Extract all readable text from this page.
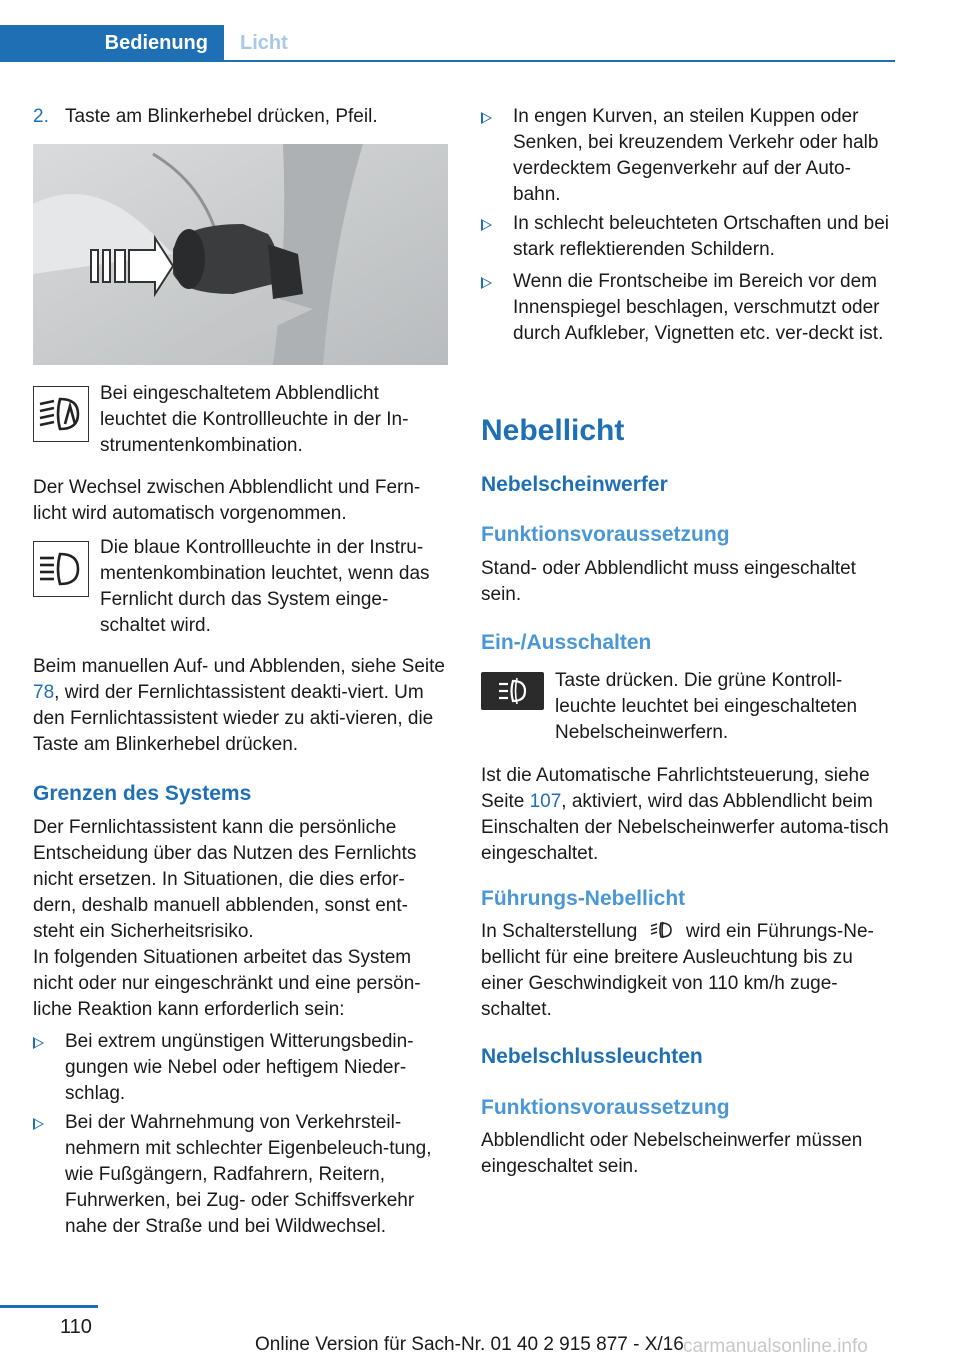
Bedienung	Licht
2. Taste am Blinkerhebel drücken, Pfeil.

Bei eingeschaltetem Abblendlicht leuchtet die Kontrollleuchte in der In-strumentenkombination.

Der Wechsel zwischen Abblendlicht und Fern-licht wird automatisch vorgenommen.

Die blaue Kontrollleuchte in der Instru-mentenkombination leuchtet, wenn das Fernlicht durch das System einge-schaltet wird.

Beim manuellen Auf- und Abblenden, siehe Seite 78, wird der Fernlichtassistent deakti-viert. Um den Fernlichtassistent wieder zu akti-vieren, die Taste am Blinkerhebel drücken.

Grenzen des Systems

Der Fernlichtassistent kann die persönliche Entscheidung über das Nutzen des Fernlichts nicht ersetzen. In Situationen, die dies erfor-dern, deshalb manuell abblenden, sonst ent-steht ein Sicherheitsrisiko.

In folgenden Situationen arbeitet das System nicht oder nur eingeschränkt und eine persön-liche Reaktion kann erforderlich sein:

Bei extrem ungünstigen Witterungsbedin-gungen wie Nebel oder heftigem Nieder-schlag.
Bei der Wahrnehmung von Verkehrsteil-nehmern mit schlechter Eigenbeleuch-tung, wie Fußgängern, Radfahrern, Reitern, Fuhrwerken, bei Zug- oder Schiffsverkehr nahe der Straße und bei Wildwechsel.
In engen Kurven, an steilen Kuppen oder Senken, bei kreuzendem Verkehr oder halb verdecktem Gegenverkehr auf der Auto-bahn.
In schlecht beleuchteten Ortschaften und bei stark reflektierenden Schildern.
Wenn die Frontscheibe im Bereich vor dem Innenspiegel beschlagen, verschmutzt oder durch Aufkleber, Vignetten etc. ver-deckt ist.
Nebellicht
Nebelscheinwerfer
Funktionsvoraussetzung

Stand- oder Abblendlicht muss eingeschaltet sein.

Ein-/Ausschalten

Taste drücken. Die grüne Kontroll-leuchte leuchtet bei eingeschalteten Nebelscheinwerfern.

Ist die Automatische Fahrlichtsteuerung, siehe Seite 107, aktiviert, wird das Abblendlicht beim Einschalten der Nebelscheinwerfer automa-tisch eingeschaltet.

Führungs-Nebellicht

In Schalterstellung	wird ein Führungs-Ne-bellicht für eine breitere Ausleuchtung bis zu einer Geschwindigkeit von 110 km/h zuge-schaltet.

Nebelschlussleuchten
Funktionsvoraussetzung

Abblendlicht oder Nebelscheinwerfer müssen eingeschaltet sein.

110
Online Version für Sach-Nr. 01 40 2 915 877 - X/16 carmanualsonline.info
